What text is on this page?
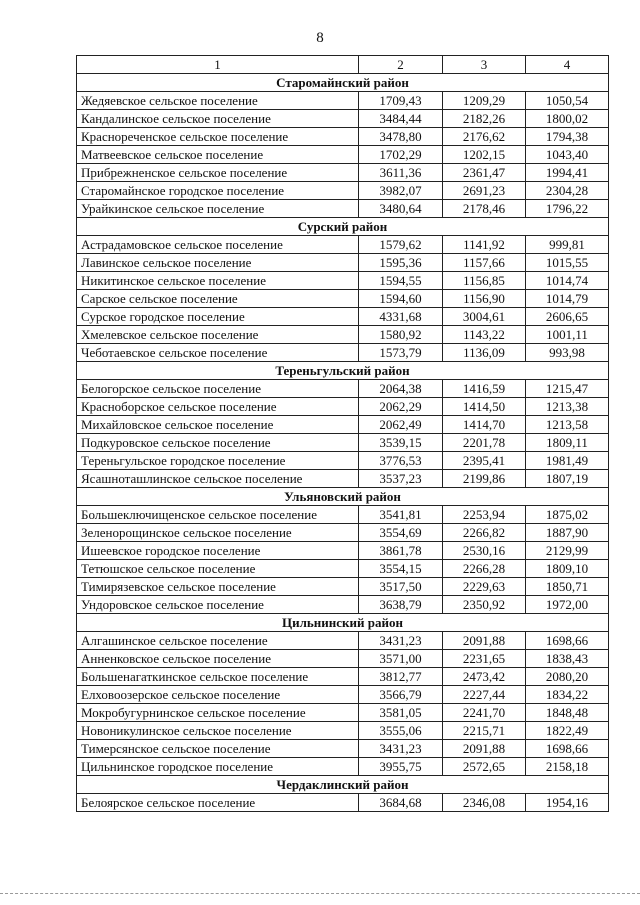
8
1	2	3	4
Старомайнский район			
Жедяевское сельское поселение	1709,43	1209,29	1050,54
Кандалинское сельское поселение	3484,44	2182,26	1800,02
Краснореченское сельское поселение	3478,80	2176,62	1794,38
Матвеевское сельское поселение	1702,29	1202,15	1043,40
Прибрежненское сельское поселение	3611,36	2361,47	1994,41
Старомайнское городское поселение	3982,07	2691,23	2304,28
Урайкинское сельское поселение	3480,64	2178,46	1796,22
Сурский район			
Астрадамовское сельское поселение	1579,62	1141,92	999,81
Лавинское сельское поселение	1595,36	1157,66	1015,55
Никитинское сельское поселение	1594,55	1156,85	1014,74
Сарское сельское поселение	1594,60	1156,90	1014,79
Сурское городское поселение	4331,68	3004,61	2606,65
Хмелевское сельское поселение	1580,92	1143,22	1001,11
Чеботаевское сельское поселение	1573,79	1136,09	993,98
Тереньгульский район			
Белогорское сельское поселение	2064,38	1416,59	1215,47
Красноборское сельское поселение	2062,29	1414,50	1213,38
Михайловское сельское поселение	2062,49	1414,70	1213,58
Подкуровское сельское поселение	3539,15	2201,78	1809,11
Тереньгульское городское поселение	3776,53	2395,41	1981,49
Ясашноташлинское сельское поселение	3537,23	2199,86	1807,19
Ульяновский район			
Большеключищенское сельское поселение	3541,81	2253,94	1875,02
Зеленорощинское сельское поселение	3554,69	2266,82	1887,90
Ишеевское городское поселение	3861,78	2530,16	2129,99
Тетюшское сельское поселение	3554,15	2266,28	1809,10
Тимирязевское сельское поселение	3517,50	2229,63	1850,71
Ундоровское сельское поселение	3638,79	2350,92	1972,00
Цильнинский район			
Алгашинское сельское поселение	3431,23	2091,88	1698,66
Анненковское сельское поселение	3571,00	2231,65	1838,43
Большенагаткинское сельское поселение	3812,77	2473,42	2080,20
Елховоозерское сельское поселение	3566,79	2227,44	1834,22
Мокробугурнинское сельское поселение	3581,05	2241,70	1848,48
Новоникулинское сельское поселение	3555,06	2215,71	1822,49
Тимерсянское сельское поселение	3431,23	2091,88	1698,66
Цильнинское городское поселение	3955,75	2572,65	2158,18
Чердаклинский район			
Белоярское сельское поселение	3684,68	2346,08	1954,16
